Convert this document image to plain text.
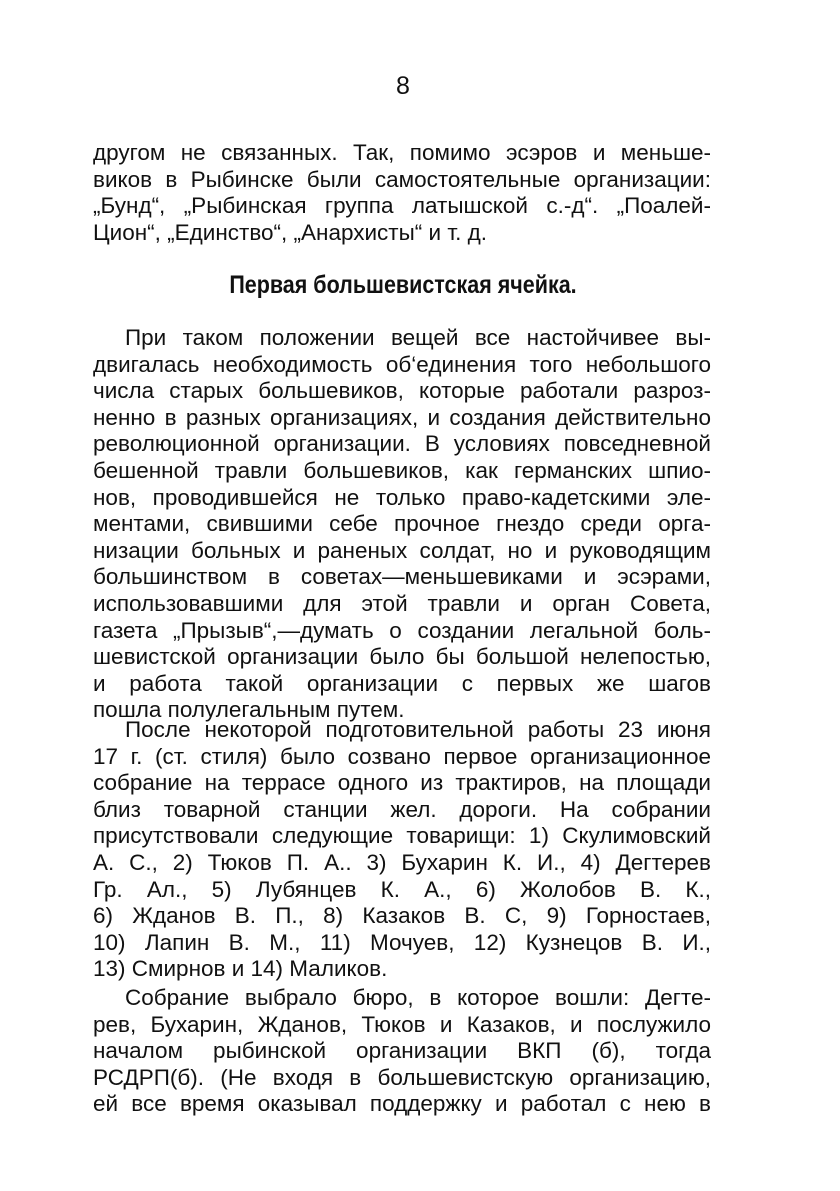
8
другом не связанных. Так, помимо эсэров и меньше-
виков в Рыбинске были самостоятельные организации:
„Бунд“, „Рыбинская группа латышской с.-д“. „Поалей-
Цион“, „Единство“, „Анархисты“ и т. д.
Первая большевистская ячейка.
При таком положении вещей все настойчивее вы-
двигалась необходимость об‘единения того небольшого
числа старых большевиков, которые работали разроз-
ненно в разных организациях, и создания действительно
революционной организации. В условиях повседневной
бешенной травли большевиков, как германских шпио-
нов, проводившейся не только право-кадетскими эле-
ментами, свившими себе прочное гнездо среди орга-
низации больных и раненых солдат, но и руководящим
большинством в советах—меньшевиками и эсэрами,
использовавшими для этой травли и орган Совета,
газета „Прызыв“,—думать о создании легальной боль-
шевистской организации было бы большой нелепостью,
и работа такой организации с первых же шагов
пошла полулегальным путем.
После некоторой подготовительной работы 23 июня
17 г. (ст. стиля) было созвано первое организационное
собрание на террасе одного из трактиров, на площади
близ товарной станции жел. дороги. На собрании
присутствовали следующие товарищи: 1) Скулимовский
А. С., 2) Тюков П. А.. 3) Бухарин К. И., 4) Дегтерев
Гр. Ал., 5) Лубянцев К. А., 6) Жолобов В. К.,
6) Жданов В. П., 8) Казаков В. С, 9) Горностаев,
10) Лапин В. М., 11) Мочуев, 12) Кузнецов В. И.,
13) Смирнов и 14) Маликов.
Собрание выбрало бюро, в которое вошли: Дегте-
рев, Бухарин, Жданов, Тюков и Казаков, и послужило
началом рыбинской организации ВКП (б), тогда
РСДРП(б). (Не входя в большевистскую организацию,
ей все время оказывал поддержку и работал с нею в
